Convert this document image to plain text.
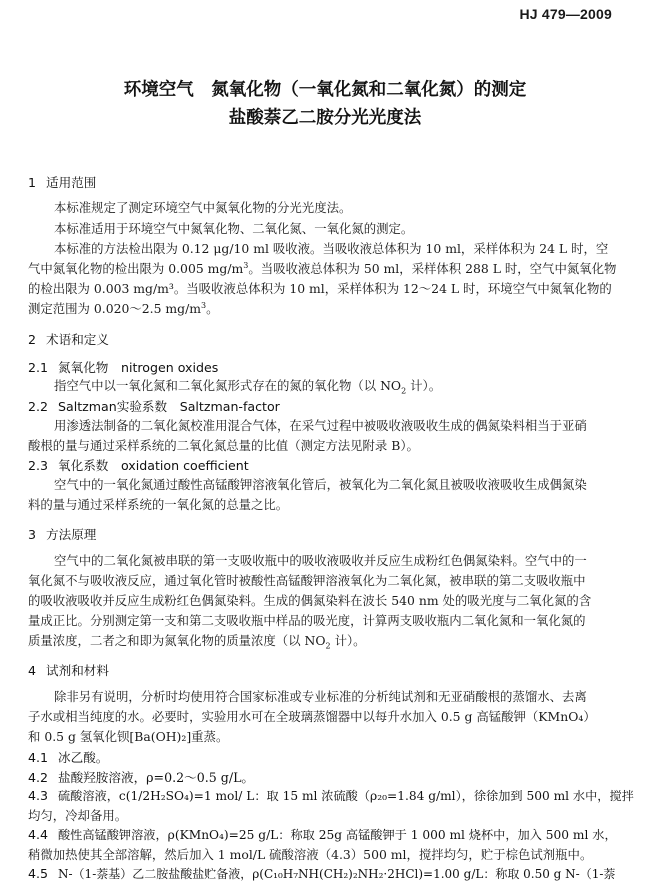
HJ 479—2009
环境空气　氮氧化物（一氧化氮和二氧化氮）的测定
盐酸萘乙二胺分光光度法
1 适用范围
本标准规定了测定环境空气中氮氧化物的分光光度法。
本标准适用于环境空气中氮氧化物、二氧化氮、一氧化氮的测定。
本标准的方法检出限为 0.12 μg/10 ml 吸收液。当吸收液总体积为 10 ml，采样体积为 24 L 时，空
气中氮氧化物的检出限为 0.005 $mg/m^3$。当吸收液总体积为 50 ml，采样体积 288 L 时，空气中氮氧化物
的检出限为 0.003 mg/m³。当吸收液总体积为 10 ml，采样体积为 12～24 L 时，环境空气中氮氧化物的
测定范围为 0.020～2.5 $mg/m^3$。
2 术语和定义
2.1 氮氧化物　nitrogen oxides
指空气中以一氧化氮和二氧化氮形式存在的氮的氧化物（以 $NO_2$ 计）。
2.2 Saltzman实验系数　Saltzman-factor
用渗透法制备的二氧化氮校准用混合气体，在采气过程中被吸收液吸收生成的偶氮染料相当于亚硝
酸根的量与通过采样系统的二氧化氮总量的比值（测定方法见附录 B）。
2.3 氧化系数　oxidation coefficient
空气中的一氧化氮通过酸性高锰酸钾溶液氧化管后，被氧化为二氧化氮且被吸收液吸收生成偶氮染
料的量与通过采样系统的一氧化氮的总量之比。
3 方法原理
空气中的二氧化氮被串联的第一支吸收瓶中的吸收液吸收并反应生成粉红色偶氮染料。空气中的一
氧化氮不与吸收液反应，通过氧化管时被酸性高锰酸钾溶液氧化为二氧化氮，被串联的第二支吸收瓶中
的吸收液吸收并反应生成粉红色偶氮染料。生成的偶氮染料在波长 540 nm 处的吸光度与二氧化氮的含
量成正比。分别测定第一支和第二支吸收瓶中样品的吸光度，计算两支吸收瓶内二氧化氮和一氧化氮的
质量浓度，二者之和即为氮氧化物的质量浓度（以 $NO_2$ 计）。
4 试剂和材料
除非另有说明，分析时均使用符合国家标准或专业标准的分析纯试剂和无亚硝酸根的蒸馏水、去离
子水或相当纯度的水。必要时，实验用水可在全玻璃蒸馏器中以每升水加入 0.5 g 高锰酸钾（KMnO₄）
和 0.5 g 氢氧化钡[Ba(OH)₂]重蒸。
4.1 冰乙酸。
4.2 盐酸羟胺溶液，ρ=0.2～0.5 g/L。
4.3 硫酸溶液，c(1/2H₂SO₄)=1 mol/ L：取 15 ml 浓硫酸（ρ₂₀=1.84 g/ml），徐徐加到 500 ml 水中，搅拌
均匀，冷却备用。
4.4 酸性高锰酸钾溶液，ρ(KMnO₄)=25 g/L：称取 25g 高锰酸钾于 1 000 ml 烧杯中，加入 500 ml 水，
稍微加热使其全部溶解，然后加入 1 mol/L 硫酸溶液（4.3）500 ml，搅拌均匀，贮于棕色试剂瓶中。
4.5 N-（1-萘基）乙二胺盐酸盐贮备液，ρ(C₁₀H₇NH(CH₂)₂NH₂·2HCl)=1.00 g/L：称取 0.50 g N-（1-萘
